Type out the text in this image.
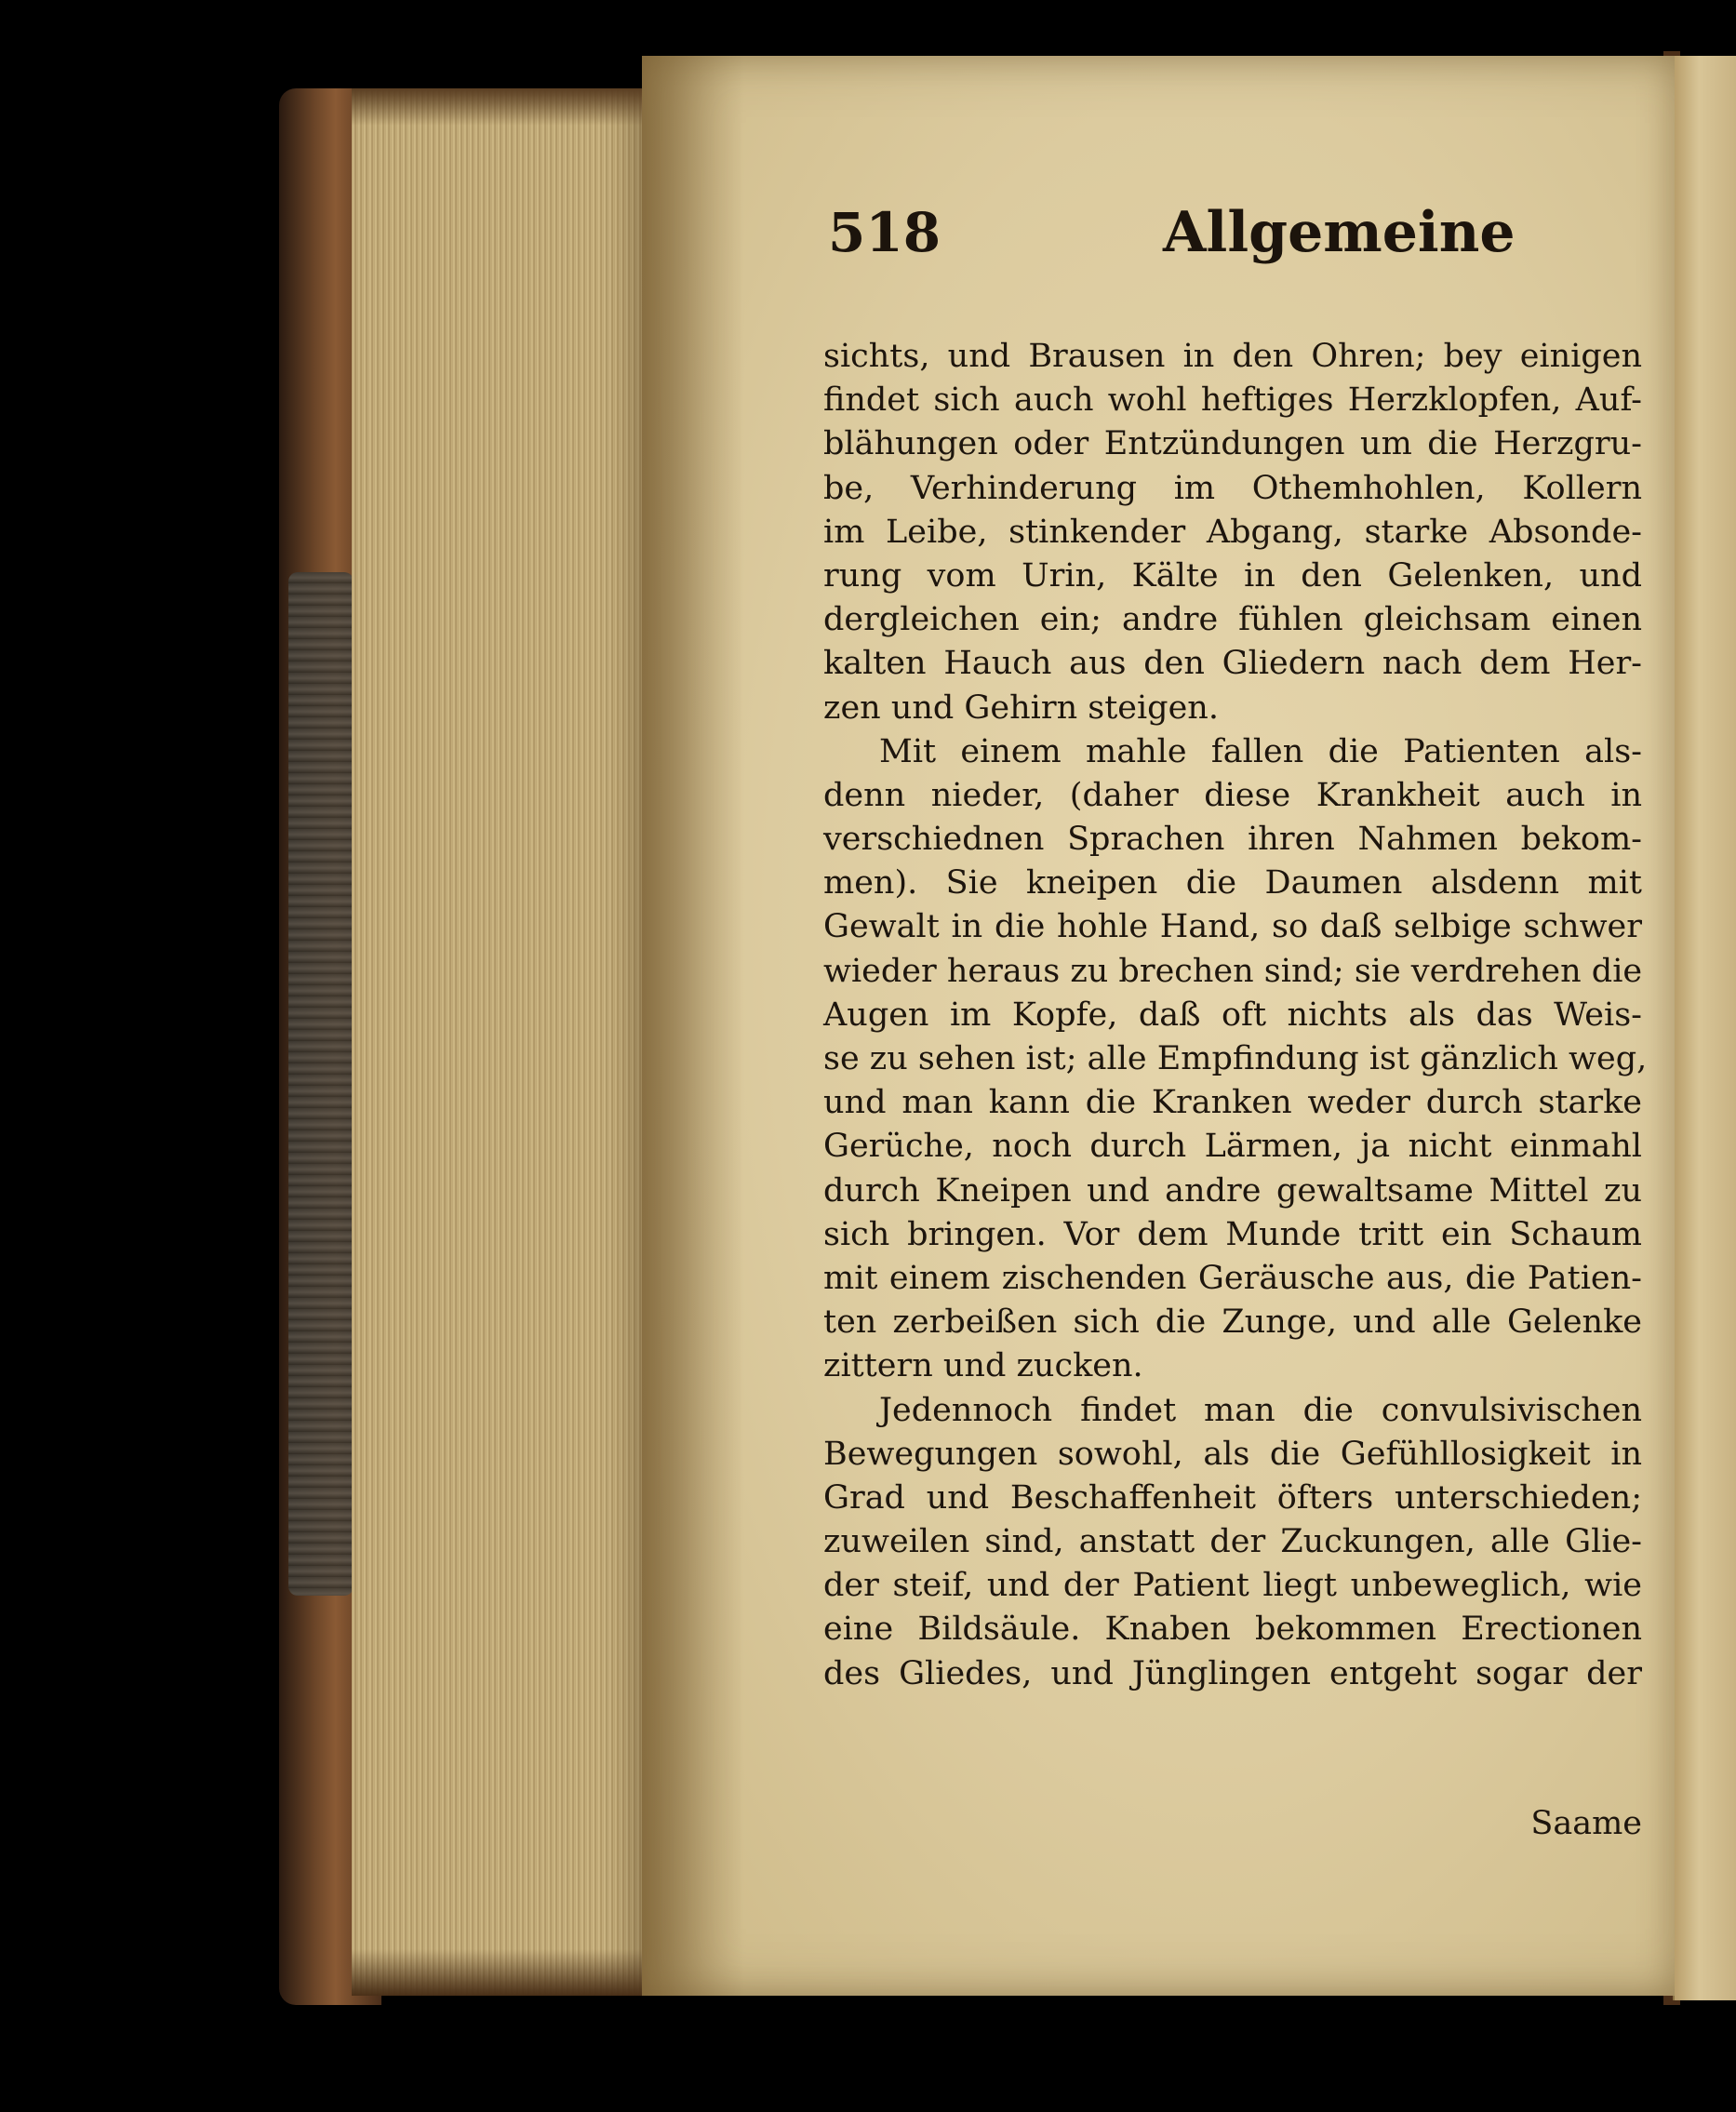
518	Allgemeine
sichts, und Brausen in den Ohren; bey einigen
findet sich auch wohl heftiges Herzklopfen, Auf-
blähungen oder Entzündungen um die Herzgru-
be, Verhinderung im Othemhohlen, Kollern
im Leibe, stinkender Abgang, starke Absonde-
rung vom Urin, Kälte in den Gelenken, und
dergleichen ein; andre fühlen gleichsam einen
kalten Hauch aus den Gliedern nach dem Her-
zen und Gehirn steigen.
Mit einem mahle fallen die Patienten als-
denn nieder, (daher diese Krankheit auch in
verschiednen Sprachen ihren Nahmen bekom-
men). Sie kneipen die Daumen alsdenn mit
Gewalt in die hohle Hand, so daß selbige schwer
wieder heraus zu brechen sind; sie verdrehen die
Augen im Kopfe, daß oft nichts als das Weis-
se zu sehen ist; alle Empfindung ist gänzlich weg,
und man kann die Kranken weder durch starke
Gerüche, noch durch Lärmen, ja nicht einmahl
durch Kneipen und andre gewaltsame Mittel zu
sich bringen. Vor dem Munde tritt ein Schaum
mit einem zischenden Geräusche aus, die Patien-
ten zerbeißen sich die Zunge, und alle Gelenke
zittern und zucken.
Jedennoch findet man die convulsivischen
Bewegungen sowohl, als die Gefühllosigkeit in
Grad und Beschaffenheit öfters unterschieden;
zuweilen sind, anstatt der Zuckungen, alle Glie-
der steif, und der Patient liegt unbeweglich, wie
eine Bildsäule. Knaben bekommen Erectionen
des Gliedes, und Jünglingen entgeht sogar der
Saame
